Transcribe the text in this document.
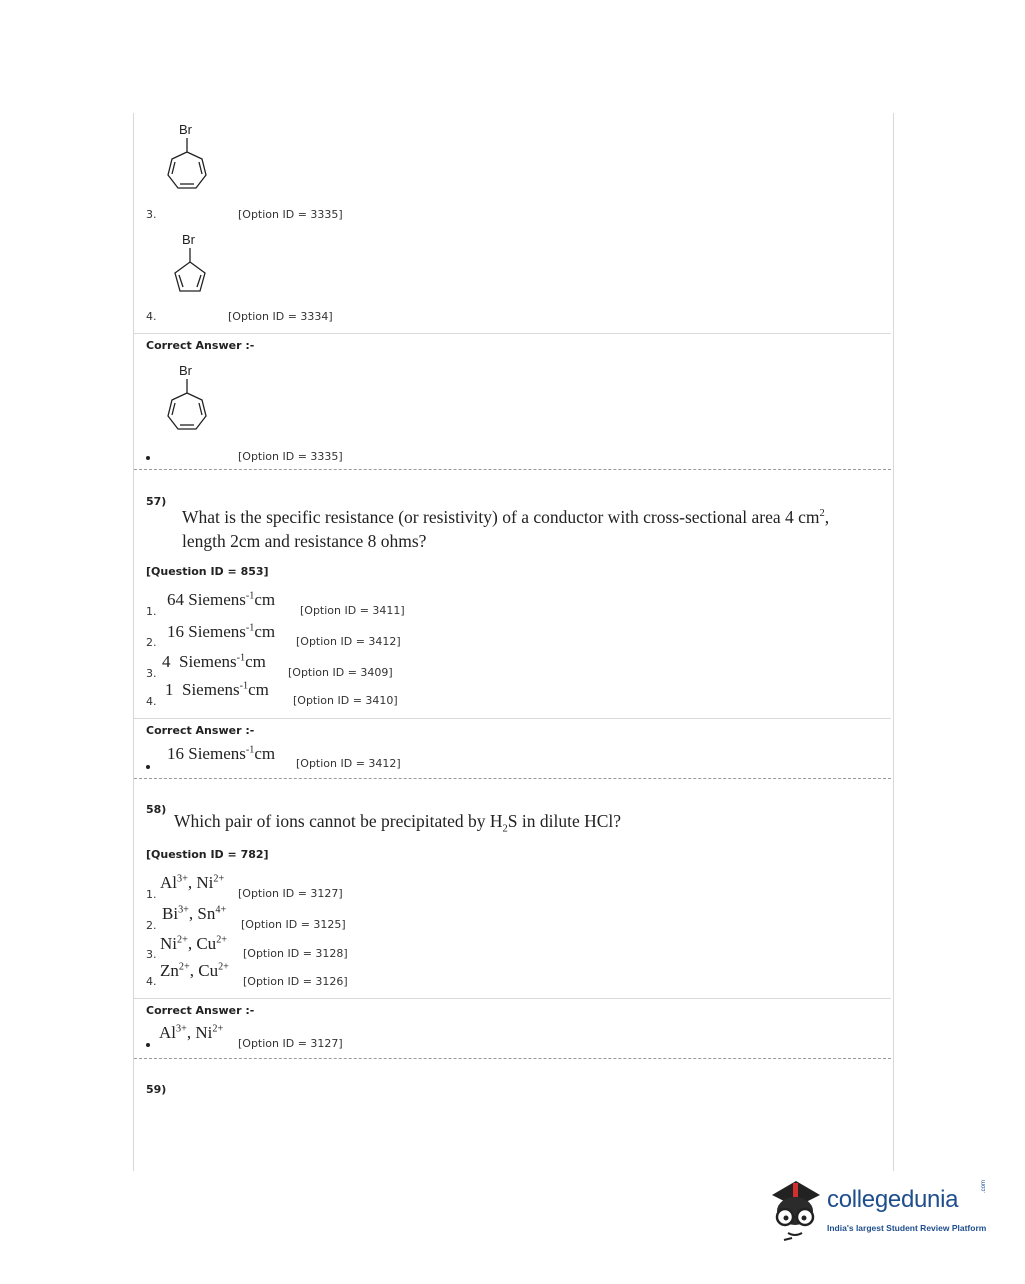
Br
3.	[Option ID = 3335]
Br
4.	[Option ID = 3334]
Correct Answer :-
Br
[Option ID = 3335]
57)
What is the specific resistance (or resistivity) of a conductor with cross-sectional area 4 $cm^2$,
length 2cm and resistance 8 ohms?
[Question ID = 853]
1.
64 Siemens$^{-1}$cm
[Option ID = 3411]
2.
16 Siemens$^{-1}$cm
[Option ID = 3412]
3.
4  Siemens$^{-1}$cm
[Option ID = 3409]
4.
1  Siemens$^{-1}$cm
[Option ID = 3410]
Correct Answer :-
16 Siemens$^{-1}$cm
[Option ID = 3412]
58)
Which pair of ions cannot be precipitated by $H_2S$ in dilute HCl?
[Question ID = 782]
1.
$Al^{3+}$, $Ni^{2+}$
[Option ID = 3127]
2.
$Bi^{3+}$, $Sn^{4+}$
[Option ID = 3125]
3.
$Ni^{2+}$, $Cu^{2+}$
[Option ID = 3128]
4.
$Zn^{2+}$, $Cu^{2+}$
[Option ID = 3126]
Correct Answer :-
$Al^{3+}$, $Ni^{2+}$
[Option ID = 3127]
59)
collegedunia	.com
India's largest Student Review Platform
